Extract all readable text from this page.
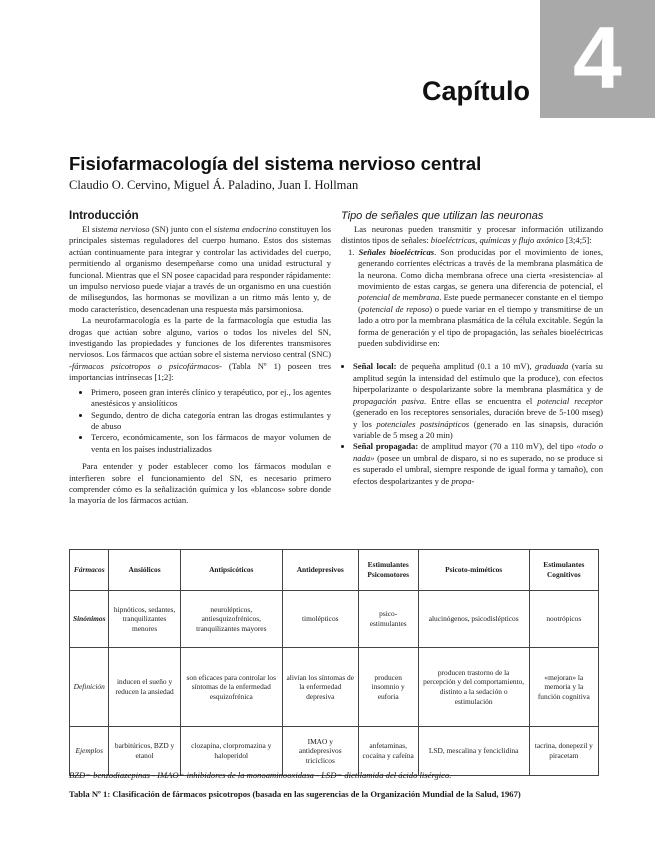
4
Capítulo
Fisiofarmacología del sistema nervioso central
Claudio O. Cervino, Miguel Á. Paladino, Juan I. Hollman
Introducción

El sistema nervioso (SN) junto con el sistema endocrino constituyen los principales sistemas reguladores del cuerpo humano. Estos dos sistemas actúan continuamente para integrar y controlar las actividades del cuerpo, permitiendo al organismo desempeñarse como una unidad estructural y funcional. Mientras que el SN posee capacidad para responder rápidamente: un impulso nervioso puede viajar a través de un organismo en una cuestión de milisegundos, las hormonas se movilizan a un ritmo más lento y, de modo característico, desencadenan una respuesta más parsimoniosa.

La neurofarmacología es la parte de la farmacología que estudia las drogas que actúan sobre alguno, varios o todos los niveles del SN, investigando las propiedades y funciones de los diferentes transmisores nerviosos. Los fármacos que actúan sobre el sistema nervioso central (SNC) -fármacos psicotropos o psicofármacos- (Tabla Nº 1) poseen tres importancias intrínsecas [1;2]:

• Primero, poseen gran interés clínico y terapéutico, por ej., los agentes anestésicos y ansiolíticos
• Segundo, dentro de dicha categoría entran las drogas estimulantes y de abuso
• Tercero, económicamente, son los fármacos de mayor volumen de venta en los países industrializados

Para entender y poder establecer como los fármacos modulan e interfieren sobre el funcionamiento del SN, es necesario primero comprender cómo es la señalización química y los «blancos» sobre donde la mayoría de los fármacos actúan.

Tipo de señales que utilizan las neuronas

Las neuronas pueden transmitir y procesar información utilizando distintos tipos de señales: bioeléctricas, químicas y flujo axónico [3;4;5]:

1. Señales bioeléctricas. Son producidas por el movimiento de iones, generando corrientes eléctricas a través de la membrana plasmática de la neurona. Como dicha membrana ofrece una cierta «resistencia» al movimiento de estas cargas, se genera una diferencia de potencial, el potencial de membrana. Este puede permanecer constante en el tiempo (potencial de reposo) o puede variar en el tiempo y transmitirse de un lado a otro por la membrana plasmática de la célula excitable. Según la forma de generación y el tipo de propagación, las señales bioeléctricas pueden subdividirse en:

• Señal local: de pequeña amplitud (0.1 a 10 mV), graduada (varía su amplitud según la intensidad del estímulo que la produce), con efectos hiperpolarizante o despolarizante sobre la membrana plasmática y de propagación pasiva. Entre ellas se encuentra el potencial receptor (generado en los receptores sensoriales, duración breve de 5-100 mseg) y los potenciales postsinápticos (generado en las sinapsis, duración variable de 5 mseg a 20 min)
• Señal propagada: de amplitud mayor (70 a 110 mV), del tipo «todo o nada» (posee un umbral de disparo, si no es superado, no se produce si es superado el umbral, siempre responde de igual forma y tamaño), con efectos despolarizantes y de propa-
Fármacos	Ansiólicos	Antipsicóticos	Antidepresivos	Estimulantes Psicomotores	Psicoto-miméticos	Estimulantes Cognitivos
Sinónimos	hipnóticos, sedantes, tranquilizantes menores	neurolépticos, antiesquizofrénicos, tranquilizantes mayores	timolépticos	psico-estimulantes	alucinógenos, psicodislépticos	nootrópicos
Definición	inducen el sueño y reducen la ansiedad	son eficaces para controlar los síntomas de la enfermedad esquizofrénica	alivian los síntomas de la enfermedad depresiva	producen insomnio y euforia	producen trastorno de la percepción y del comportamiento, distinto a la sedación o estimulación	«mejoran» la memoria y la función cognitiva
Ejemplos	barbitúricos, BZD y etanol	clozapina, clorpromazina y haloperidol	IMAO y antidepresivos tricíclicos	anfetaminas, cocaína y cafeína	LSD, mescalina y fenciclidina	tacrina, donepezil y piracetam
BZD= benzodiazepinas - IMAO= inhibidores de la monoaminooxidasa - LSD= dietilamida del ácido lisérgico.
Tabla Nº 1: Clasificación de fármacos psicotropos (basada en las sugerencias de la Organización Mundial de la Salud, 1967)
